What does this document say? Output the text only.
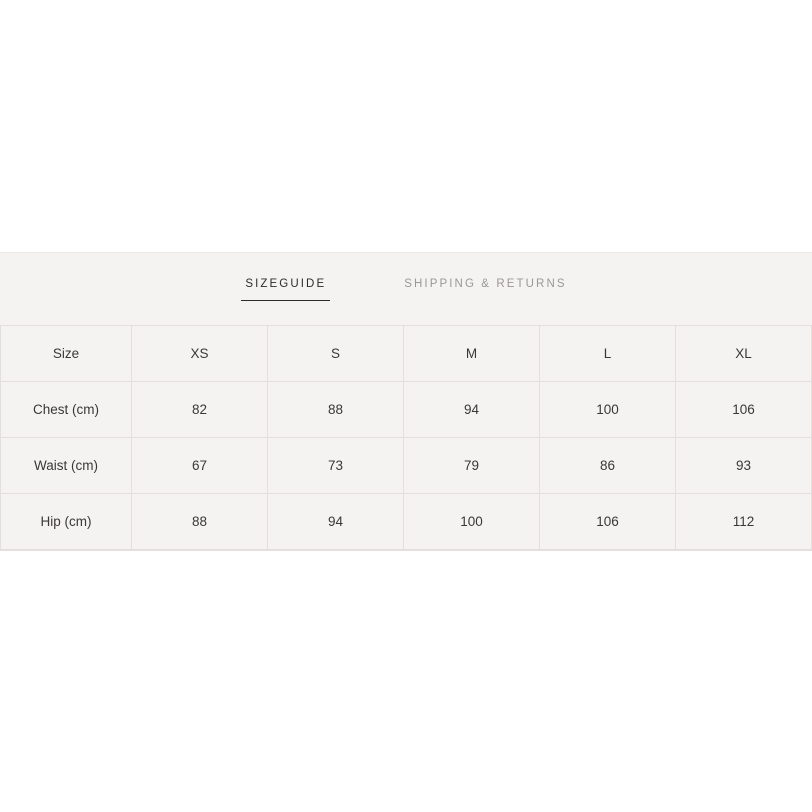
SIZEGUIDE	SHIPPING & RETURNS
Size	XS	S	M	L	XL
Chest (cm)	82	88	94	100	106
Waist (cm)	67	73	79	86	93
Hip (cm)	88	94	100	106	112
